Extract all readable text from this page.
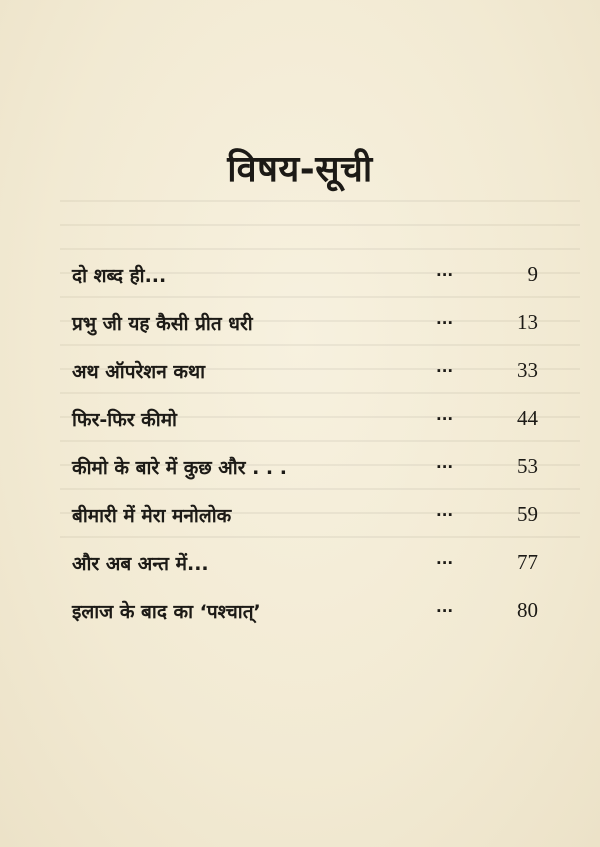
विषय-सूची
दो शब्द ही...	...	9
प्रभु जी यह कैसी प्रीत धरी	...	13
अथ ऑपरेशन कथा	...	33
फिर-फिर कीमो	...	44
कीमो के बारे में कुछ और . . .	...	53
बीमारी में मेरा मनोलोक	...	59
और अब अन्त में...	...	77
इलाज के बाद का ‘पश्चात्’	...	80
